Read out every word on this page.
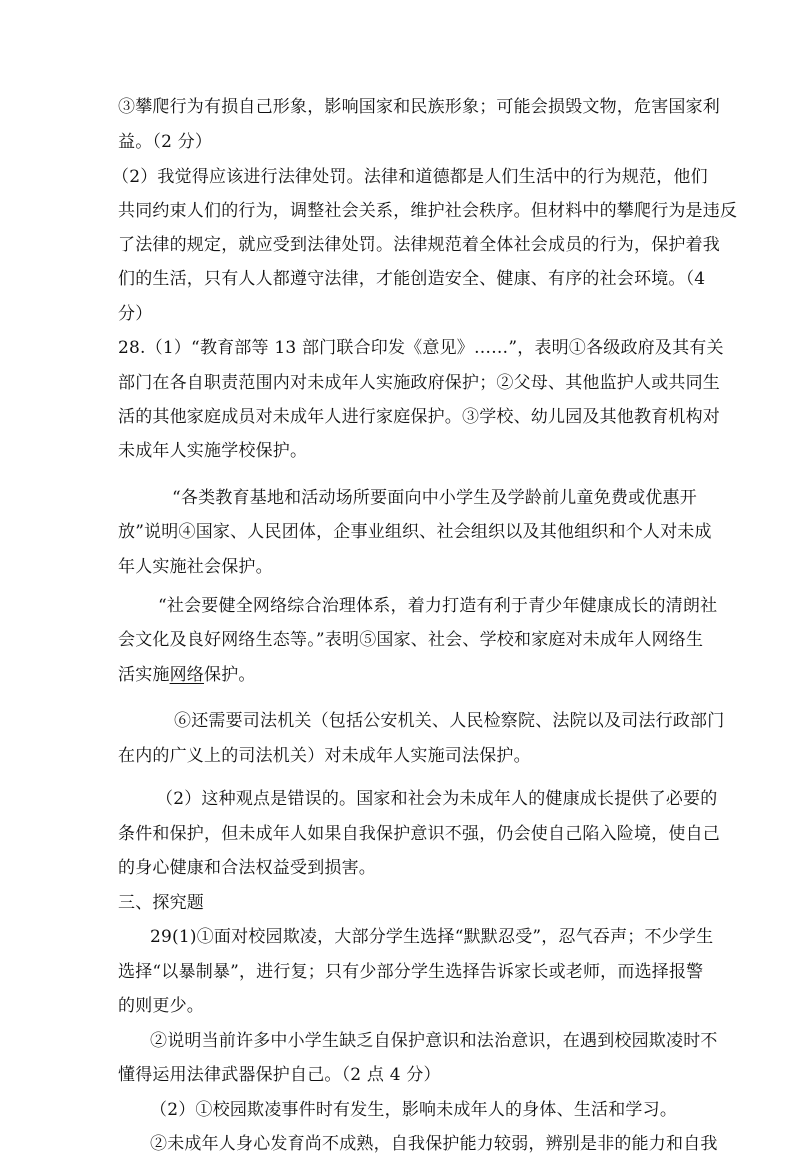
③攀爬行为有损自己形象，影响国家和民族形象；可能会损毁文物，危害国家利
益。（2 分）
（2）我觉得应该进行法律处罚。法律和道德都是人们生活中的行为规范，他们
共同约束人们的行为，调整社会关系，维护社会秩序。但材料中的攀爬行为是违反
了法律的规定，就应受到法律处罚。法律规范着全体社会成员的行为，保护着我
们的生活，只有人人都遵守法律，才能创造安全、健康、有序的社会环境。（4
分）
28.（1）“教育部等 13 部门联合印发《意见》……”，表明①各级政府及其有关
部门在各自职责范围内对未成年人实施政府保护；②父母、其他监护人或共同生
活的其他家庭成员对未成年人进行家庭保护。③学校、幼儿园及其他教育机构对
未成年人实施学校保护。
“各类教育基地和活动场所要面向中小学生及学龄前儿童免费或优惠开
放”说明④国家、人民团体，企事业组织、社会组织以及其他组织和个人对未成
年人实施社会保护。
“社会要健全网络综合治理体系，着力打造有利于青少年健康成长的清朗社
会文化及良好网络生态等。”表明⑤国家、社会、学校和家庭对未成年人网络生
活实施网络保护。
⑥还需要司法机关（包括公安机关、人民检察院、法院以及司法行政部门
在内的广义上的司法机关）对未成年人实施司法保护。
（2）这种观点是错误的。国家和社会为未成年人的健康成长提供了必要的
条件和保护，但未成年人如果自我保护意识不强，仍会使自己陷入险境，使自己
的身心健康和合法权益受到损害。
三、探究题
29(1)①面对校园欺凌，大部分学生选择“默默忍受”，忍气吞声；不少学生
选择“以暴制暴”，进行复；只有少部分学生选择告诉家长或老师，而选择报警
的则更少。
②说明当前许多中小学生缺乏自保护意识和法治意识，在遇到校园欺凌时不
懂得运用法律武器保护自己。（2 点 4 分）
（2）①校园欺凌事件时有发生，影响未成年人的身体、生活和学习。
②未成年人身心发育尚不成熟，自我保护能力较弱，辨别是非的能力和自我
